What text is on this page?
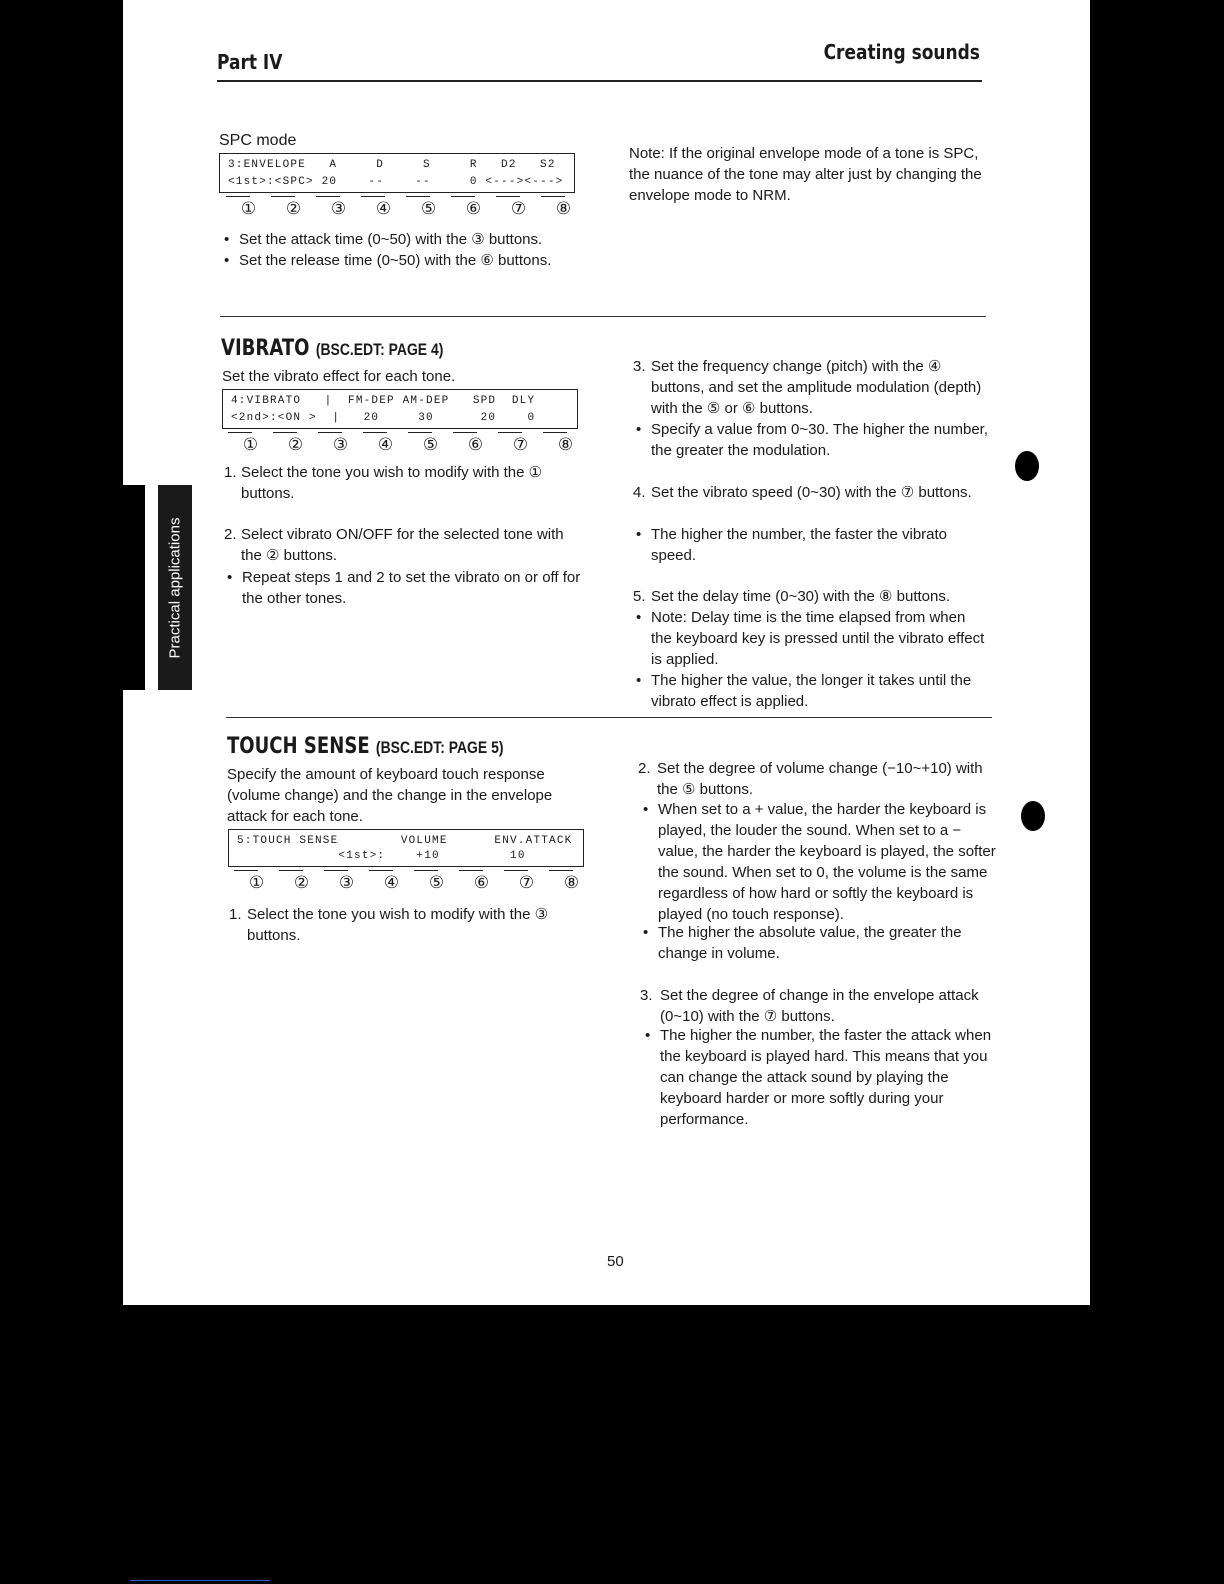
Part IV	Creating sounds
Practical applications
SPC mode
3:ENVELOPE   A     D     S     R   D2   S2
<1st>:<SPC> 20    --    --     0 <---><--->
① ② ③ ④ ⑤ ⑥ ⑦ ⑧
• Set the attack time (0~50) with the ③ buttons.
• Set the release time (0~50) with the ⑥ buttons.
Note: If the original envelope mode of a tone is SPC, the nuance of the tone may alter just by changing the envelope mode to NRM.
VIBRATO (BSC.EDT: PAGE 4)
Set the vibrato effect for each tone.
4:VIBRATO   |  FM-DEP AM-DEP   SPD  DLY
<2nd>:<ON >  |   20     30      20    0
① ② ③ ④ ⑤ ⑥ ⑦ ⑧
1. Select the tone you wish to modify with the ① buttons.
2. Select vibrato ON/OFF for the selected tone with the ② buttons.
• Repeat steps 1 and 2 to set the vibrato on or off for the other tones.
3. Set the frequency change (pitch) with the ④ buttons, and set the amplitude modulation (depth) with the ⑤ or ⑥ buttons.
• Specify a value from 0~30. The higher the number, the greater the modulation.
4. Set the vibrato speed (0~30) with the ⑦ buttons.
• The higher the number, the faster the vibrato speed.
5. Set the delay time (0~30) with the ⑧ buttons.
• Note: Delay time is the time elapsed from when the keyboard key is pressed until the vibrato effect is applied.
• The higher the value, the longer it takes until the vibrato effect is applied.
TOUCH SENSE (BSC.EDT: PAGE 5)
Specify the amount of keyboard touch response (volume change) and the change in the envelope attack for each tone.
5:TOUCH SENSE        VOLUME      ENV.ATTACK
<1st>:    +10         10
① ② ③ ④ ⑤ ⑥ ⑦ ⑧
1. Select the tone you wish to modify with the ③ buttons.
2. Set the degree of volume change (−10~+10) with the ⑤ buttons.
• When set to a + value, the harder the keyboard is played, the louder the sound. When set to a − value, the harder the keyboard is played, the softer the sound. When set to 0, the volume is the same regardless of how hard or softly the keyboard is played (no touch response).
• The higher the absolute value, the greater the change in volume.
3. Set the degree of change in the envelope attack (0~10) with the ⑦ buttons.
• The higher the number, the faster the attack when the keyboard is played hard. This means that you can change the attack sound by playing the keyboard harder or more softly during your performance.
50
